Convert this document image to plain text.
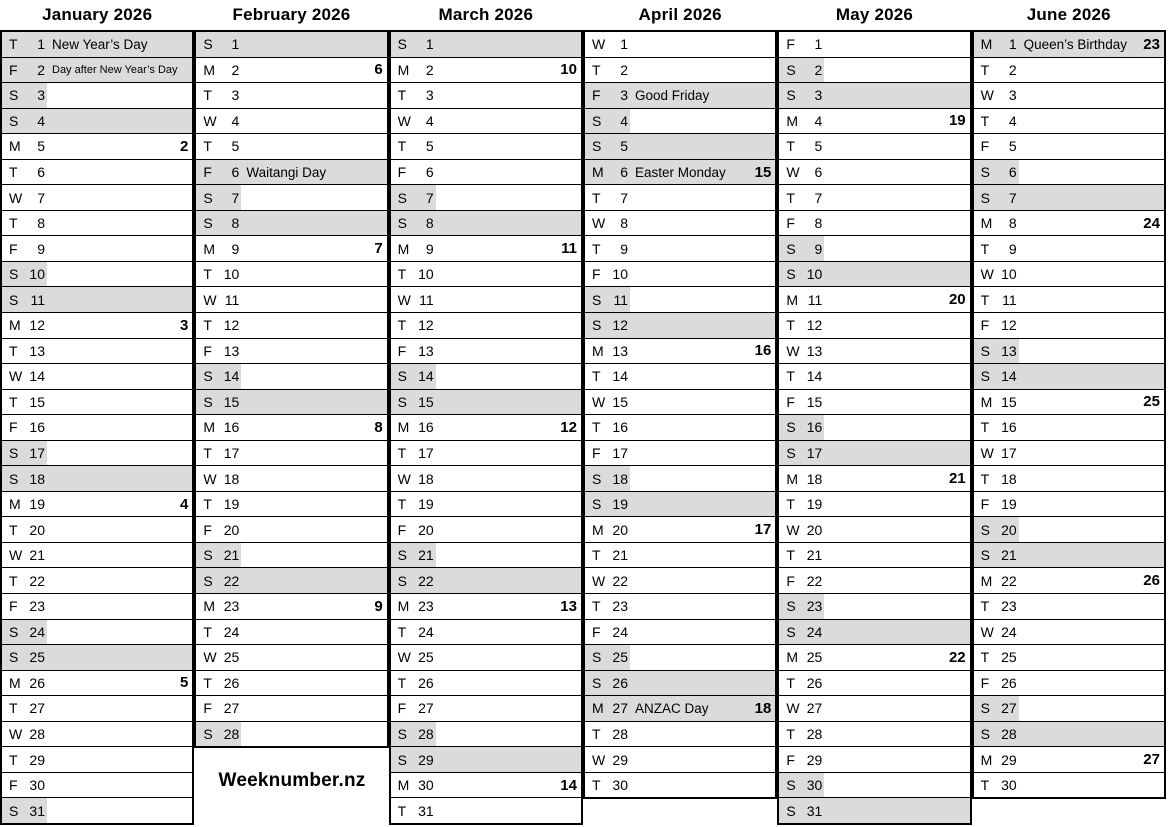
Weeknumber.nz
January 2026
T	1 New Year’s Day
F	2 Day after New Year’s Day
S	3
S	4
M	5	2
T	6
W	7
T	8
F	9
S 10
S 11
M 12	3
T 13
W 14
T 15
F 16
S 17
S 18
M 19	4
T 20
W 21
T 22
F 23
S 24
S 25
M 26	5
T 27
W 28
T 29
F 30
S 31
February 2026
S	1
M	2	6
T	3
W	4
T	5
F	6 Waitangi Day
S	7
S	8
M	9	7
T 10
W 11
T 12
F 13
S 14
S 15
M 16	8
T 17
W 18
T 19
F 20
S 21
S 22
M 23	9
T 24
W 25
T 26
F 27
S 28
March 2026
S	1
M	2	10
T	3
W	4
T	5
F	6
S	7
S	8
M	9	11
T 10
W 11
T 12
F 13
S 14
S 15
M 16	12
T 17
W 18
T 19
F 20
S 21
S 22
M 23	13
T 24
W 25
T 26
F 27
S 28
S 29
M 30	14
T 31
April 2026
W	1
T	2
F	3 Good Friday
S	4
S	5
M	6 Easter Monday 15
T	7
W	8
T	9
F 10
S 11
S 12
M 13	16
T 14
W 15
T 16
F 17
S 18
S 19
M 20	17
T 21
W 22
T 23
F 24
S 25
S 26
M 27 ANZAC Day	18
T 28
W 29
T 30
May 2026
F	1
S	2
S	3
M	4	19
T	5
W	6
T	7
F	8
S	9
S 10
M 11	20
T 12
W 13
T 14
F 15
S 16
S 17
M 18	21
T 19
W 20
T 21
F 22
S 23
S 24
M 25	22
T 26
W 27
T 28
F 29
S 30
S 31
June 2026
M	1 Queen’s Birthday 23
T	2
W	3
T	4
F	5
S	6
S	7
M	8	24
T	9
W 10
T 11
F 12
S 13
S 14
M 15	25
T 16
W 17
T 18
F 19
S 20
S 21
M 22	26
T 23
W 24
T 25
F 26
S 27
S 28
M 29	27
T 30
